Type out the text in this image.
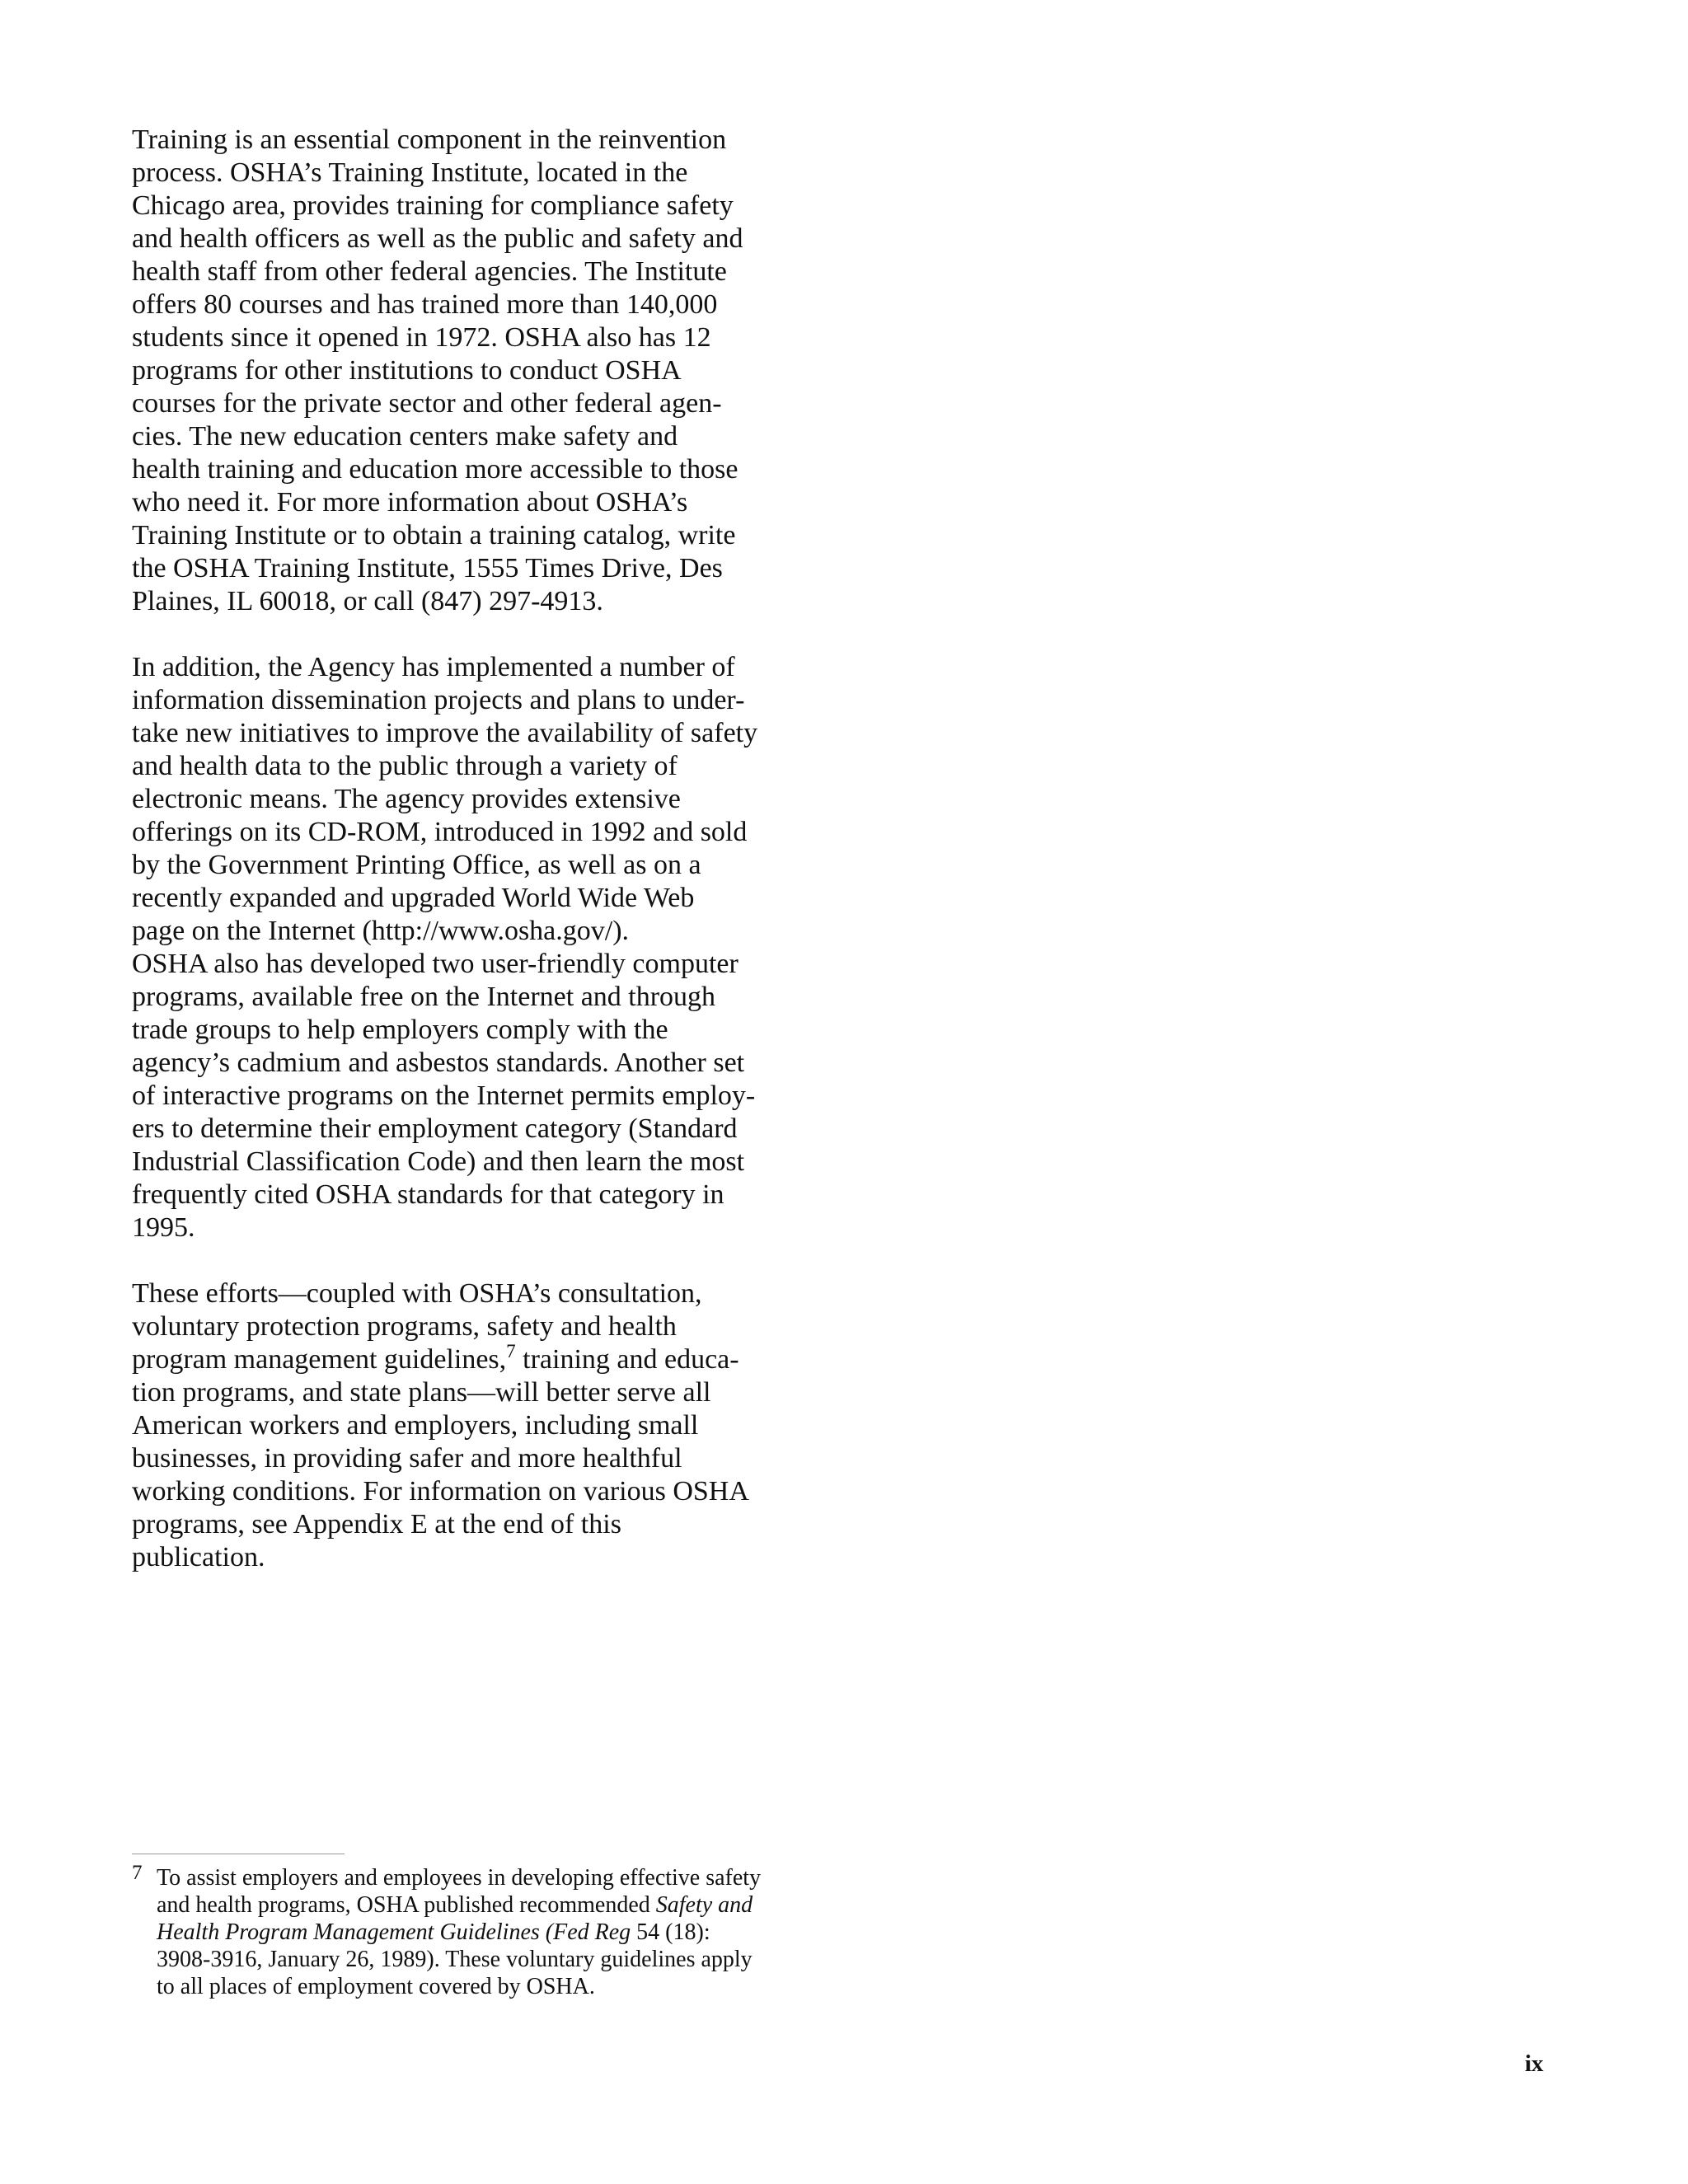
Training is an essential component in the reinvention
process. OSHA’s Training Institute, located in the
Chicago area, provides training for compliance safety
and health officers as well as the public and safety and
health staff from other federal agencies. The Institute
offers 80 courses and has trained more than 140,000
students since it opened in 1972. OSHA also has 12
programs for other institutions to conduct OSHA
courses for the private sector and other federal agen-
cies. The new education centers make safety and
health training and education more accessible to those
who need it. For more information about OSHA’s
Training Institute or to obtain a training catalog, write
the OSHA Training Institute, 1555 Times Drive, Des
Plaines, IL 60018, or call (847) 297-4913.

In addition, the Agency has implemented a number of
information dissemination projects and plans to under-
take new initiatives to improve the availability of safety
and health data to the public through a variety of
electronic means. The agency provides extensive
offerings on its CD-ROM, introduced in 1992 and sold
by the Government Printing Office, as well as on a
recently expanded and upgraded World Wide Web
page on the Internet (http://www.osha.gov/).
OSHA also has developed two user-friendly computer
programs, available free on the Internet and through
trade groups to help employers comply with the
agency’s cadmium and asbestos standards. Another set
of interactive programs on the Internet permits employ-
ers to determine their employment category (Standard
Industrial Classification Code) and then learn the most
frequently cited OSHA standards for that category in
1995.

These efforts—coupled with OSHA’s consultation,
voluntary protection programs, safety and health
program management guidelines,$^7$ training and educa-
tion programs, and state plans—will better serve all
American workers and employers, including small
businesses, in providing safer and more healthful
working conditions. For information on various OSHA
programs, see Appendix E at the end of this
publication.

7 To assist employers and employees in developing effective safety
and health programs, OSHA published recommended Safety and
Health Program Management Guidelines (Fed Reg 54 (18):
3908-3916, January 26, 1989). These voluntary guidelines apply
to all places of employment covered by OSHA.
ix
